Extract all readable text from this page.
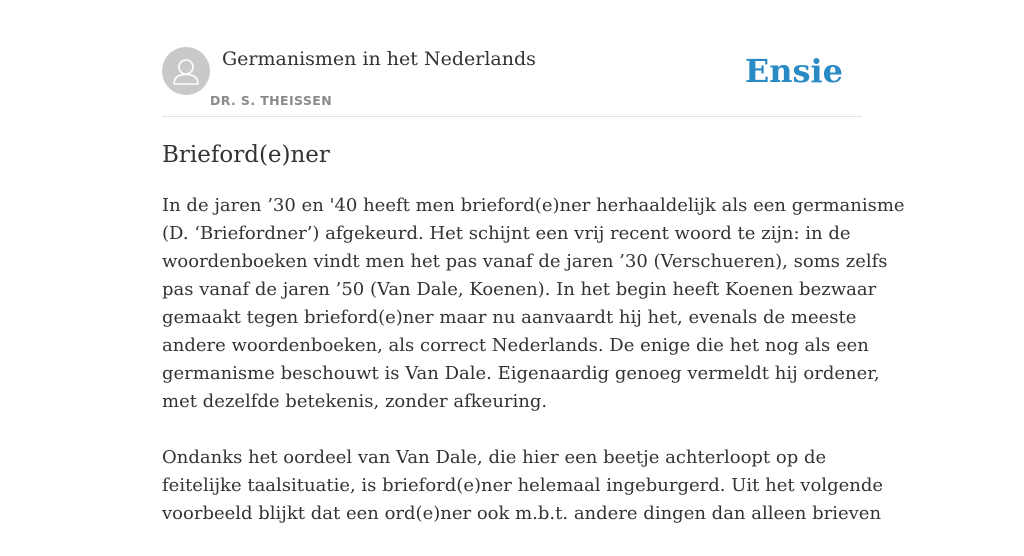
Germanismen in het Nederlands
DR. S. THEISSEN
Ensie
Brieford(e)ner

In de jaren ’30 en '40 heeft men brieford(e)ner herhaaldelijk als een germanisme
(D. ‘Briefordner’) afgekeurd. Het schijnt een vrij recent woord te zijn: in de
woordenboeken vindt men het pas vanaf de jaren ’30 (Verschueren), soms zelfs
pas vanaf de jaren ’50 (Van Dale, Koenen). In het begin heeft Koenen bezwaar
gemaakt tegen brieford(e)ner maar nu aanvaardt hij het, evenals de meeste
andere woordenboeken, als correct Nederlands. De enige die het nog als een
germanisme beschouwt is Van Dale. Eigenaardig genoeg vermeldt hij ordener,
met dezelfde betekenis, zonder afkeuring.

Ondanks het oordeel van Van Dale, die hier een beetje achterloopt op de
feitelijke taalsituatie, is brieford(e)ner helemaal ingeburgerd. Uit het volgende
voorbeeld blijkt dat een ord(e)ner ook m.b.t. andere dingen dan alleen brieven
